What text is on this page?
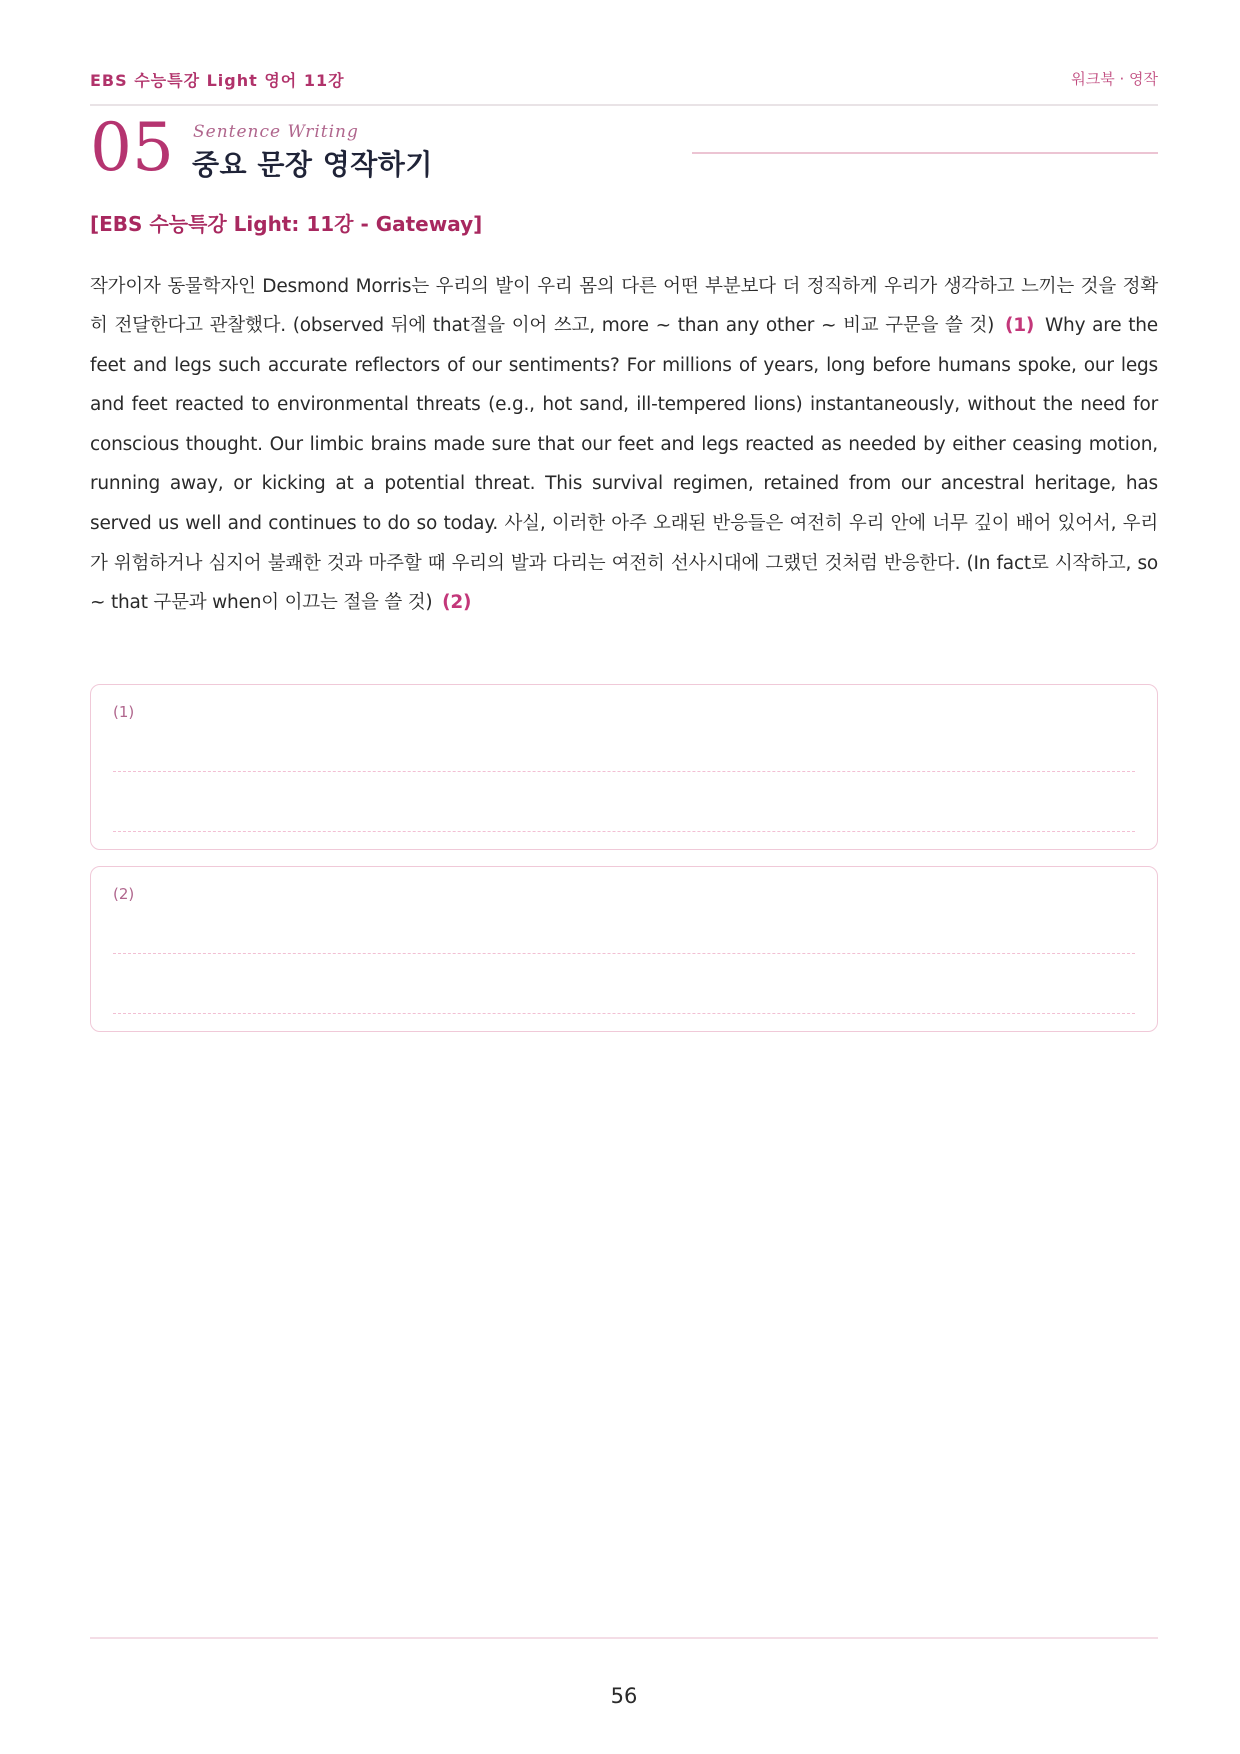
EBS 수능특강 Light 영어 11강	워크북 · 영작
05 Sentence Writing
중요 문장 영작하기
[EBS 수능특강 Light: 11강 - Gateway]

작가이자 동물학자인 Desmond Morris는 우리의 발이 우리 몸의 다른 어떤 부분보다 더 정직하게 우리가 생각하고 느끼는 것을 정확히 전달한다고 관찰했다. (observed 뒤에 that절을 이어 쓰고, more ~ than any other ~ 비교 구문을 쓸 것) (1) Why are the feet and legs such accurate reflectors of our sentiments? For millions of years, long before humans spoke, our legs and feet reacted to environmental threats (e.g., hot sand, ill-tempered lions) instantaneously, without the need for conscious thought. Our limbic brains made sure that our feet and legs reacted as needed by either ceasing motion, running away, or kicking at a potential threat. This survival regimen, retained from our ancestral heritage, has served us well and continues to do so today. 사실, 이러한 아주 오래된 반응들은 여전히 우리 안에 너무 깊이 배어 있어서, 우리가 위험하거나 심지어 불쾌한 것과 마주할 때 우리의 발과 다리는 여전히 선사시대에 그랬던 것처럼 반응한다. (In fact로 시작하고, so ~ that 구문과 when이 이끄는 절을 쓸 것) (2)

(1)
(2)
56
